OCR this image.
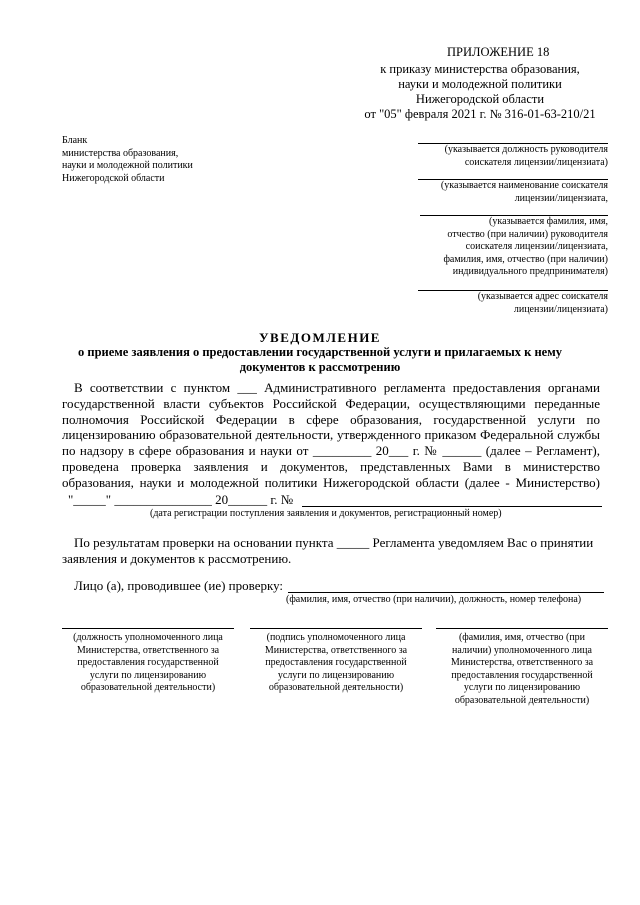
ПРИЛОЖЕНИЕ 18
к приказу министерства образования,
науки и молодежной политики
Нижегородской области
от "05" февраля 2021 г. № 316-01-63-210/21
Бланк
министерства образования,
науки и молодежной политики
Нижегородской области
(указывается должность руководителя
соискателя лицензии/лицензиата)
(указывается наименование соискателя
лицензии/лицензиата,
(указывается фамилия, имя,
отчество (при наличии) руководителя
соискателя лицензии/лицензиата,
фамилия, имя, отчество (при наличии)
индивидуального предпринимателя)
(указывается адрес соискателя
лицензии/лицензиата)
УВЕДОМЛЕНИЕ
о приеме заявления о предоставлении государственной услуги и прилагаемых к нему
документов к рассмотрению
В соответствии с пунктом ___ Административного регламента предоставления органами
государственной власти субъектов Российской Федерации, осуществляющими переданные
полномочия Российской Федерации в сфере образования, государственной услуги по
лицензированию образовательной деятельности, утвержденного приказом Федеральной службы
по надзору в сфере образования и науки от _________ 20___ г. № ______ (далее – Регламент),
проведена проверка заявления и документов, представленных Вами в министерство
образования, науки и молодежной политики Нижегородской области (далее - Министерство)
"_____" _______________ 20______ г. №
(дата регистрации поступления заявления и документов, регистрационный номер)
По результатам проверки на основании пункта _____ Регламента уведомляем Вас о принятии
заявления и документов к рассмотрению.
Лицо (а), проводившее (ие) проверку:
(фамилия, имя, отчество (при наличии), должность, номер телефона)
(должность уполномоченного лица
Министерства, ответственного за
предоставления государственной
услуги по лицензированию
образовательной деятельности)
(подпись уполномоченного лица
Министерства, ответственного за
предоставления государственной
услуги по лицензированию
образовательной деятельности)
(фамилия, имя, отчество (при
наличии) уполномоченного лица
Министерства, ответственного за
предоставления государственной
услуги по лицензированию
образовательной деятельности)
